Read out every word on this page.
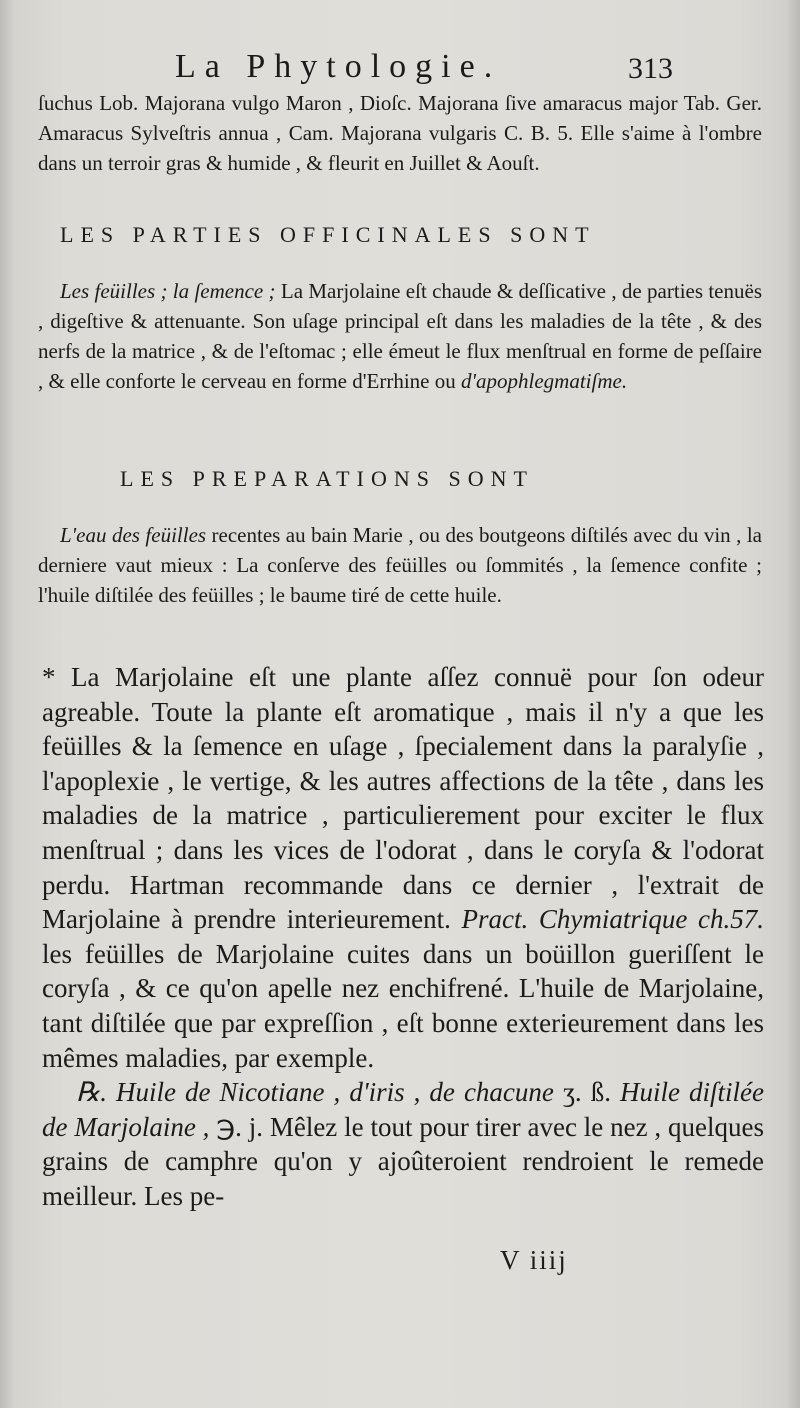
La Phytologie.	313
ſuchus Lob. Majorana vulgo Maron , Dioſc. Majorana ſive amaracus major Tab. Ger. Amaracus Sylveſtris annua , Cam. Majorana vulgaris C. B. 5. Elle s'aime à l'ombre dans un terroir gras & humide , & fleurit en Juillet & Aouſt.
LES PARTIES OFFICINALES SONT
Les feüilles ; la ſemence ; La Marjolaine eſt chaude & deſſicative , de parties tenuës , digeſtive & attenuante. Son uſage principal eſt dans les maladies de la tête , & des nerfs de la matrice , & de l'eſtomac ; elle émeut le flux menſtrual en forme de peſſaire , & elle conforte le cerveau en forme d'Errhine ou d'apophlegmatiſme.
LES PREPARATIONS SONT
L'eau des feüilles recentes au bain Marie , ou des boutgeons diſtilés avec du vin , la derniere vaut mieux : La conſerve des feüilles ou ſommités , la ſemence confite ; l'huile diſtilée des feüilles ; le baume tiré de cette huile.
* La Marjolaine eſt une plante aſſez connuë pour ſon odeur agreable. Toute la plante eſt aromatique , mais il n'y a que les feüilles & la ſemence en uſage , ſpecialement dans la paralyſie , l'apoplexie , le vertige, & les autres affections de la tête , dans les maladies de la matrice , particulierement pour exciter le flux menſtrual ; dans les vices de l'odorat , dans le coryſa & l'odorat perdu. Hartman recommande dans ce dernier , l'extrait de Marjolaine à prendre interieurement. Pract. Chymiatrique ch.57. les feüilles de Marjolaine cuites dans un boüillon gueriſſent le coryſa , & ce qu'on apelle nez enchifrené. L'huile de Marjolaine, tant diſtilée que par expreſſion , eſt bonne exterieurement dans les mêmes maladies, par exemple.
℞. Huile de Nicotiane , d'iris , de chacune ʒ. ß. Huile diſtilée de Marjolaine , ℈. j. Mêlez le tout pour tirer avec le nez , quelques grains de camphre qu'on y ajoûteroient rendroient le remede meilleur. Les pe-
V iiij
